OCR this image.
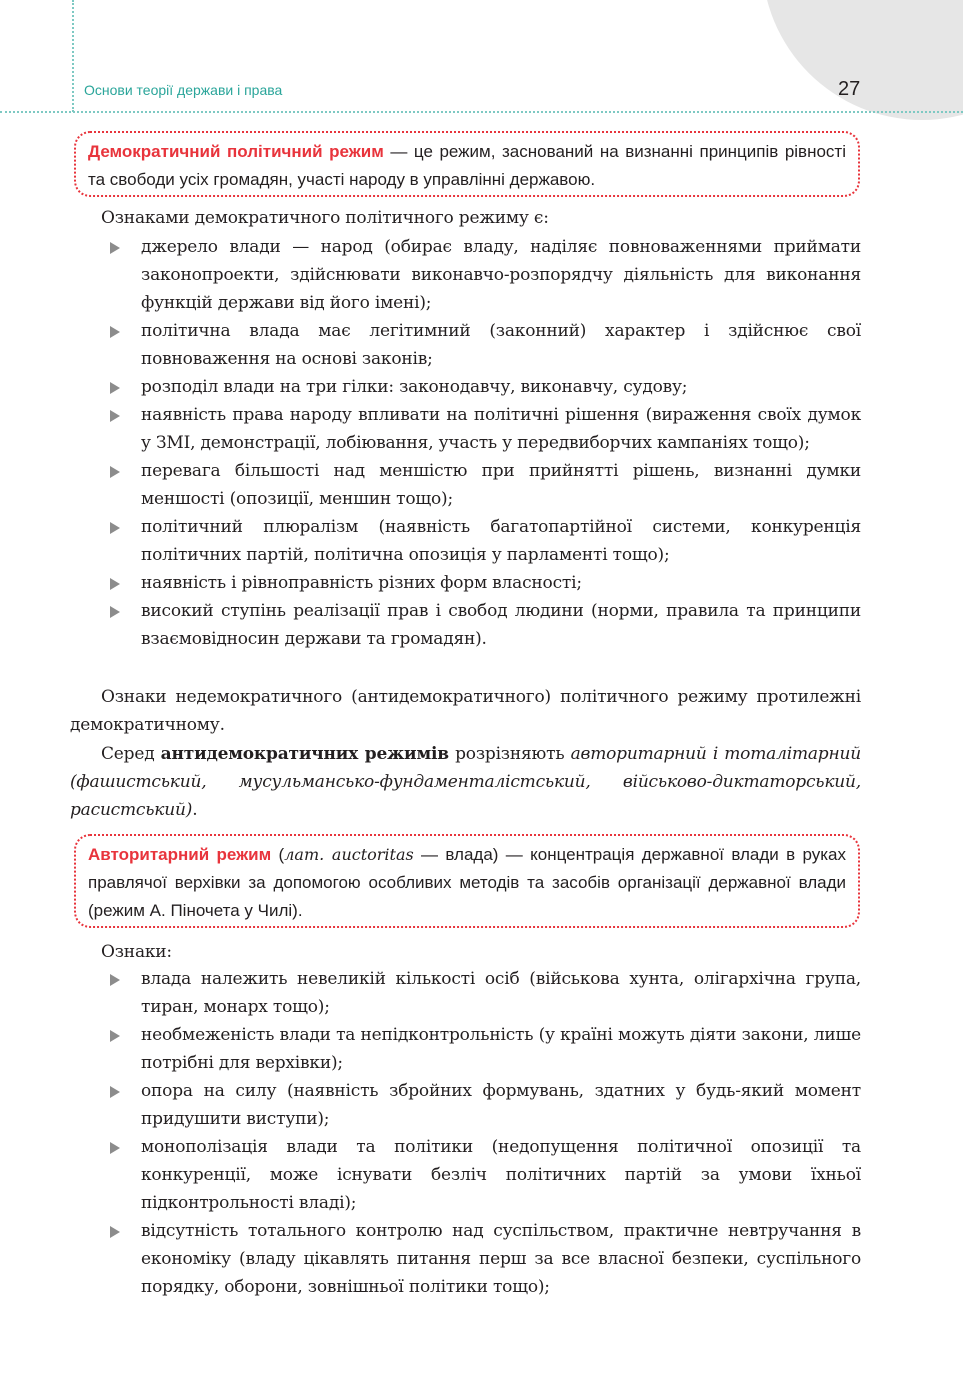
Основи теорії держави і права	27
Демократичний політичний режим — це режим, заснований на визнанні принципів рівності та свободи усіх громадян, участі народу в управлінні державою.
Ознаками демократичного політичного режиму є:
джерело влади — народ (обирає владу, наділяє повноваженнями приймати законопроекти, здійснювати виконавчо-розпорядчу діяльність для виконання функцій держави від його імені);
політична влада має легітимний (законний) характер і здійснює свої повноваження на основі законів;
розподіл влади на три гілки: законодавчу, виконавчу, судову;
наявність права народу впливати на політичні рішення (вираження своїх думок у ЗМІ, демонстрації, лобіювання, участь у передвиборчих кампаніях тощо);
перевага більшості над меншістю при прийнятті рішень, визнанні думки меншості (опозиції, меншин тощо);
політичний плюралізм (наявність багатопартійної системи, конкуренція політичних партій, політична опозиція у парламенті тощо);
наявність і рівноправність різних форм власності;
високий ступінь реалізації прав і свобод людини (норми, правила та принципи взаємовідносин держави та громадян).
Ознаки недемократичного (антидемократичного) політичного режиму протилежні демократичному.
Серед антидемократичних режимів розрізняють авторитарний і тоталітарний (фашистський, мусульмансько-фундаменталістський, військово-диктаторський, расистський).
Авторитарний режим (лат. auctoritas — влада) — концентрація державної влади в руках правлячої верхівки за допомогою особливих методів та засобів організації державної влади (режим А. Піночета у Чилі).
Ознаки:
влада належить невеликій кількості осіб (військова хунта, олігархічна група, тиран, монарх тощо);
необмеженість влади та непідконтрольність (у країні можуть діяти закони, лише потрібні для верхівки);
опора на силу (наявність збройних формувань, здатних у будь-який момент придушити виступи);
монополізація влади та політики (недопущення політичної опозиції та конкуренції, може існувати безліч політичних партій за умови їхньої підконтрольності владі);
відсутність тотального контролю над суспільством, практичне невтручання в економіку (владу цікавлять питання перш за все власної безпеки, суспільного порядку, оборони, зовнішньої політики тощо);
